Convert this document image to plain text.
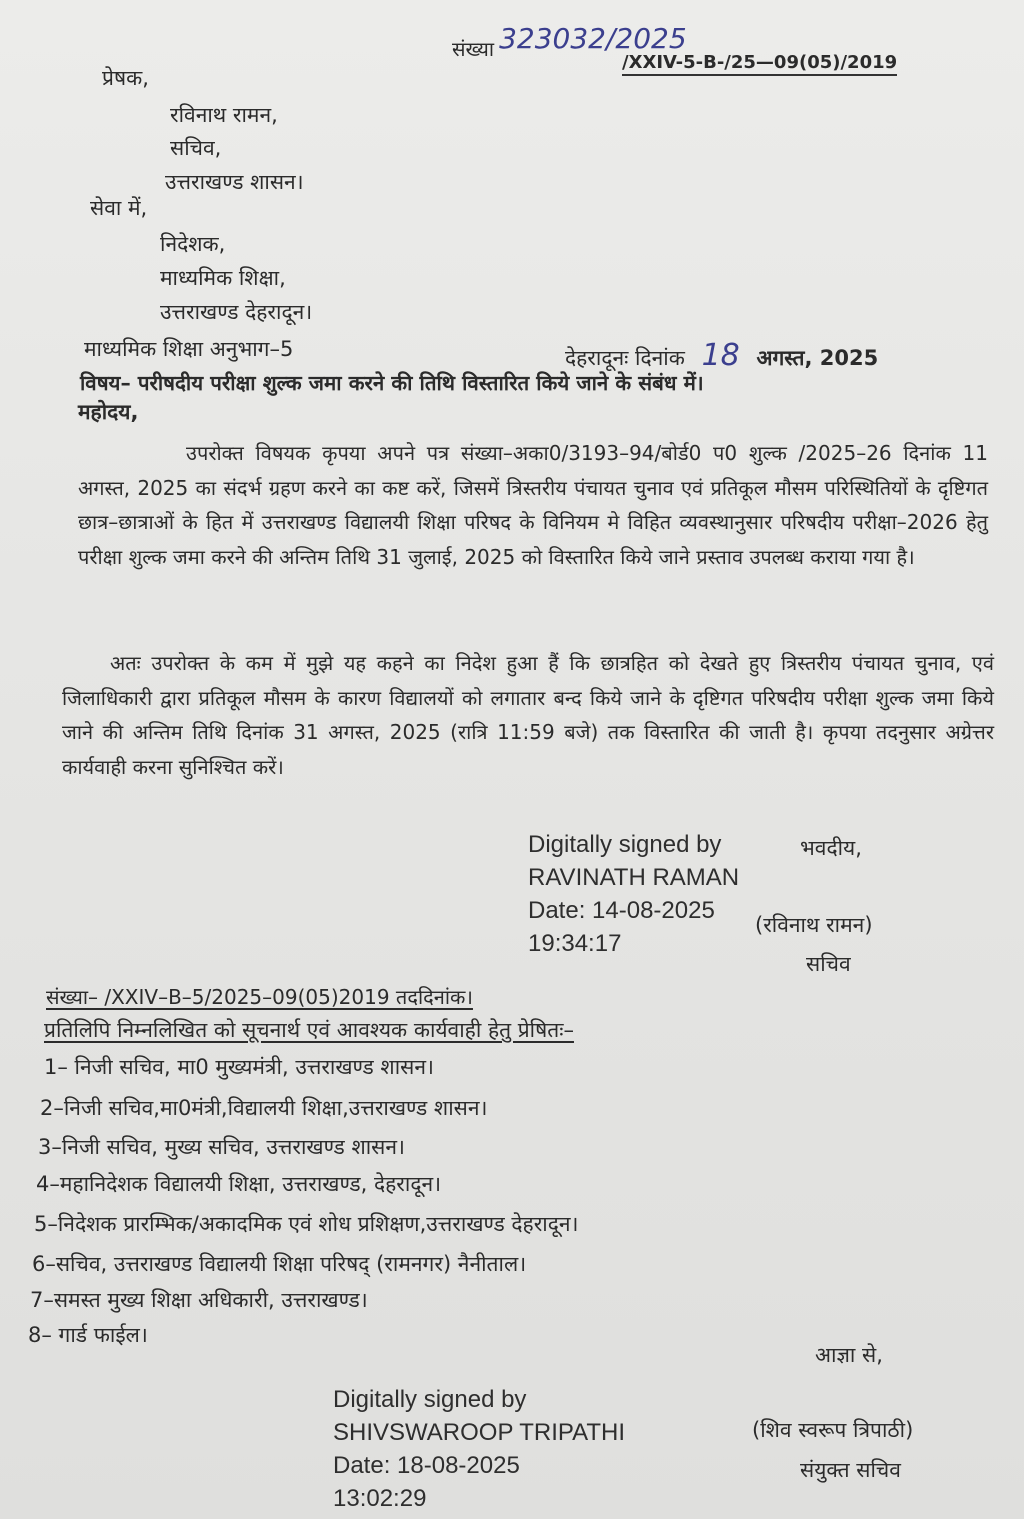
संख्या 323032/2025
/XXIV-5-B-/25—09(05)/2019
प्रेषक,
रविनाथ रामन,
सचिव,
उत्तराखण्ड शासन।
सेवा में,
निदेशक,
माध्यमिक शिक्षा,
उत्तराखण्ड देहरादून।
माध्यमिक शिक्षा अनुभाग–5	देहरादूनः दिनांक 18 अगस्त, 2025
विषय– परीषदीय परीक्षा शुल्क जमा करने की तिथि विस्तारित किये जाने के संबंध में।
महोदय,
उपरोक्त विषयक कृपया अपने पत्र संख्या–अका0/3193–94/बोर्ड0 प0 शुल्क /2025–26 दिनांक 11 अगस्त, 2025 का संदर्भ ग्रहण करने का कष्ट करें, जिसमें त्रिस्तरीय पंचायत चुनाव एवं प्रतिकूल मौसम परिस्थितियों के दृष्टिगत छात्र–छात्राओं के हित में उत्तराखण्ड विद्यालयी शिक्षा परिषद के विनियम मे विहित व्यवस्थानुसार परिषदीय परीक्षा–2026 हेतु परीक्षा शुल्क जमा करने की अन्तिम तिथि 31 जुलाई, 2025 को विस्तारित किये जाने प्रस्ताव उपलब्ध कराया गया है।
अतः उपरोक्त के कम में मुझे यह कहने का निदेश हुआ हैं कि छात्रहित को देखते हुए त्रिस्तरीय पंचायत चुनाव, एवं जिलाधिकारी द्वारा प्रतिकूल मौसम के कारण विद्यालयों को लगातार बन्द किये जाने के दृष्टिगत परिषदीय परीक्षा शुल्क जमा किये जाने की अन्तिम तिथि दिनांक 31 अगस्त, 2025 (रात्रि 11:59 बजे) तक विस्तारित की जाती है। कृपया तदनुसार अग्रेत्तर कार्यवाही करना सुनिश्चित करें।
Digitally signed by
RAVINATH RAMAN
Date: 14-08-2025
19:34:17
भवदीय,
(रविनाथ रामन)
सचिव
संख्या– /XXIV–B–5/2025–09(05)2019 तददिनांक।
प्रतिलिपि निम्नलिखित को सूचनार्थ एवं आवश्यक कार्यवाही हेतु प्रेषितः–
1– निजी सचिव, मा0 मुख्यमंत्री, उत्तराखण्ड शासन।
2–निजी सचिव,मा0मंत्री,विद्यालयी शिक्षा,उत्तराखण्ड शासन।
3–निजी सचिव, मुख्य सचिव, उत्तराखण्ड शासन।
4–महानिदेशक विद्यालयी शिक्षा, उत्तराखण्ड, देहरादून।
5–निदेशक प्रारम्भिक/अकादमिक एवं शोध प्रशिक्षण,उत्तराखण्ड देहरादून।
6–सचिव, उत्तराखण्ड विद्यालयी शिक्षा परिषद् (रामनगर) नैनीताल।
7–समस्त मुख्य शिक्षा अधिकारी, उत्तराखण्ड।
8– गार्ड फाईल।
आज्ञा से,
Digitally signed by
SHIVSWAROOP TRIPATHI
Date: 18-08-2025
13:02:29
(शिव स्वरूप त्रिपाठी)
संयुक्त सचिव
